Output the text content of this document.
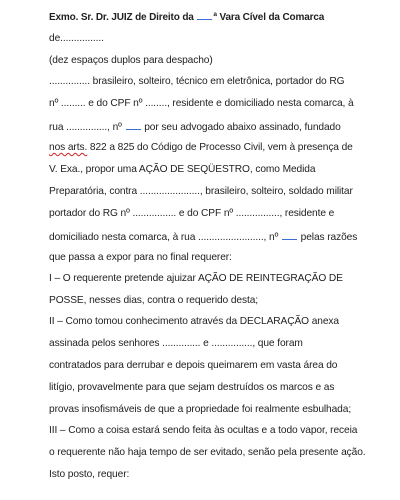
Exmo. Sr. Dr. JUIZ de Direito da ª Vara Cível da Comarca
de................
(dez espaços duplos para despacho)
............... brasileiro, solteiro, técnico em eletrônica, portador do RG
nº ......... e do CPF nº ........, residente e domiciliado nesta comarca, à
rua ..............., nº  por seu advogado abaixo assinado, fundado
nos arts. 822 a 825 do Código de Processo Civil, vem à presença de
V. Exa., propor uma AÇÃO DE SEQÜESTRO, como Medida
Preparatória, contra ......................, brasileiro, solteiro, soldado militar
portador do RG nº ................ e do CPF nº ................, residente e
domiciliado nesta comarca, à rua ........................, nº  pelas razões
que passa a expor para no final requerer:
I – O requerente pretende ajuizar AÇÃO DE REINTEGRAÇÃO DE
POSSE, nesses dias, contra o requerido desta;
II – Como tomou conhecimento através da DECLARAÇÃO anexa
assinada pelos senhores .............. e ..............., que foram
contratados para derrubar e depois queimarem em vasta área do
litígio, provavelmente para que sejam destruídos os marcos e as
provas insofismáveis de que a propriedade foi realmente esbulhada;
III – Como a coisa estará sendo feita às ocultas e a todo vapor, receia
o requerente não haja tempo de ser evitado, senão pela presente ação.
Isto posto, requer:
